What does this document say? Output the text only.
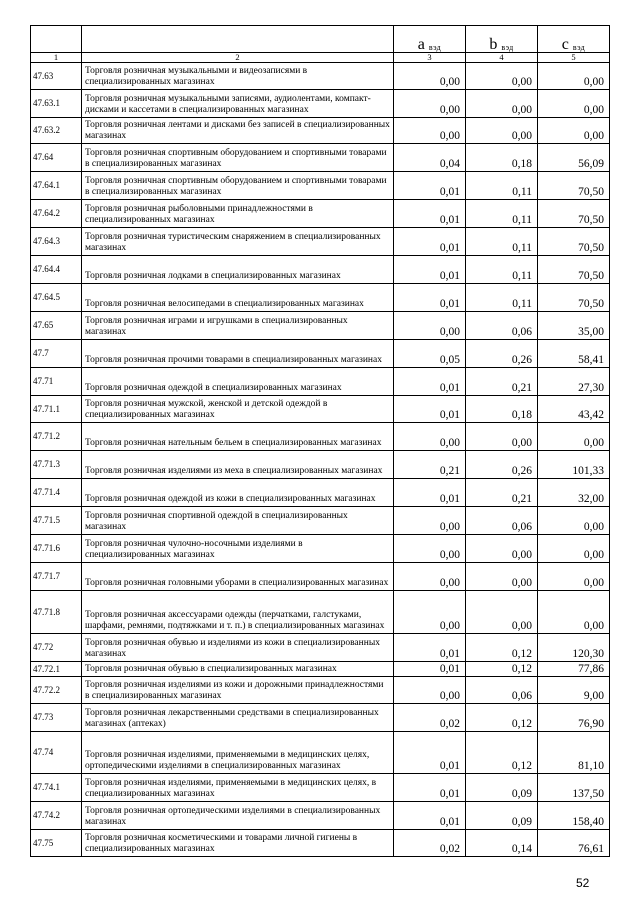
		a $_{вэд}$	b $_{вэд}$	c $_{вэд}$
1	2	3	4	5
47.63	Торговля розничная музыкальными и видеозаписями в специализированных магазинах	0,00	0,00	0,00
47.63.1	Торговля розничная музыкальными записями, аудиолентами, компакт-дисками и кассетами в специализированных магазинах	0,00	0,00	0,00
47.63.2	Торговля розничная лентами и дисками без записей в специализированных магазинах	0,00	0,00	0,00
47.64	Торговля розничная спортивным оборудованием и спортивными товарами в специализированных магазинах	0,04	0,18	56,09
47.64.1	Торговля розничная спортивным оборудованием и спортивными товарами в специализированных магазинах	0,01	0,11	70,50
47.64.2	Торговля розничная рыболовными принадлежностями в специализированных магазинах	0,01	0,11	70,50
47.64.3	Торговля розничная туристическим снаряжением в специализированных магазинах	0,01	0,11	70,50
47.64.4	Торговля розничная лодками в специализированных магазинах	0,01	0,11	70,50
47.64.5	Торговля розничная велосипедами в специализированных магазинах	0,01	0,11	70,50
47.65	Торговля розничная играми и игрушками в специализированных магазинах	0,00	0,06	35,00
47.7	Торговля розничная прочими товарами в специализированных магазинах	0,05	0,26	58,41
47.71	Торговля розничная одеждой в специализированных магазинах	0,01	0,21	27,30
47.71.1	Торговля розничная мужской, женской и детской одеждой в специализированных магазинах	0,01	0,18	43,42
47.71.2	Торговля розничная нательным бельем в специализированных магазинах	0,00	0,00	0,00
47.71.3	Торговля розничная изделиями из меха в специализированных магазинах	0,21	0,26	101,33
47.71.4	Торговля розничная одеждой из кожи в специализированных магазинах	0,01	0,21	32,00
47.71.5	Торговля розничная спортивной одеждой в специализированных магазинах	0,00	0,06	0,00
47.71.6	Торговля розничная чулочно-носочными изделиями в специализированных магазинах	0,00	0,00	0,00
47.71.7	Торговля розничная головными уборами в специализированных магазинах	0,00	0,00	0,00
47.71.8	Торговля розничная аксессуарами одежды (перчатками, галстуками, шарфами, ремнями, подтяжками и т. п.) в специализированных магазинах	0,00	0,00	0,00
47.72	Торговля розничная обувью и изделиями из кожи в специализированных магазинах	0,01	0,12	120,30
47.72.1	Торговля розничная обувью в специализированных магазинах	0,01	0,12	77,86
47.72.2	Торговля розничная изделиями из кожи и дорожными принадлежностями в специализированных магазинах	0,00	0,06	9,00
47.73	Торговля розничная лекарственными средствами в специализированных магазинах (аптеках)	0,02	0,12	76,90
47.74	Торговля розничная изделиями, применяемыми в медицинских целях, ортопедическими изделиями в специализированных магазинах	0,01	0,12	81,10
47.74.1	Торговля розничная изделиями, применяемыми в медицинских целях, в специализированных магазинах	0,01	0,09	137,50
47.74.2	Торговля розничная ортопедическими изделиями в специализированных магазинах	0,01	0,09	158,40
47.75	Торговля розничная косметическими и товарами личной гигиены в специализированных магазинах	0,02	0,14	76,61
52
